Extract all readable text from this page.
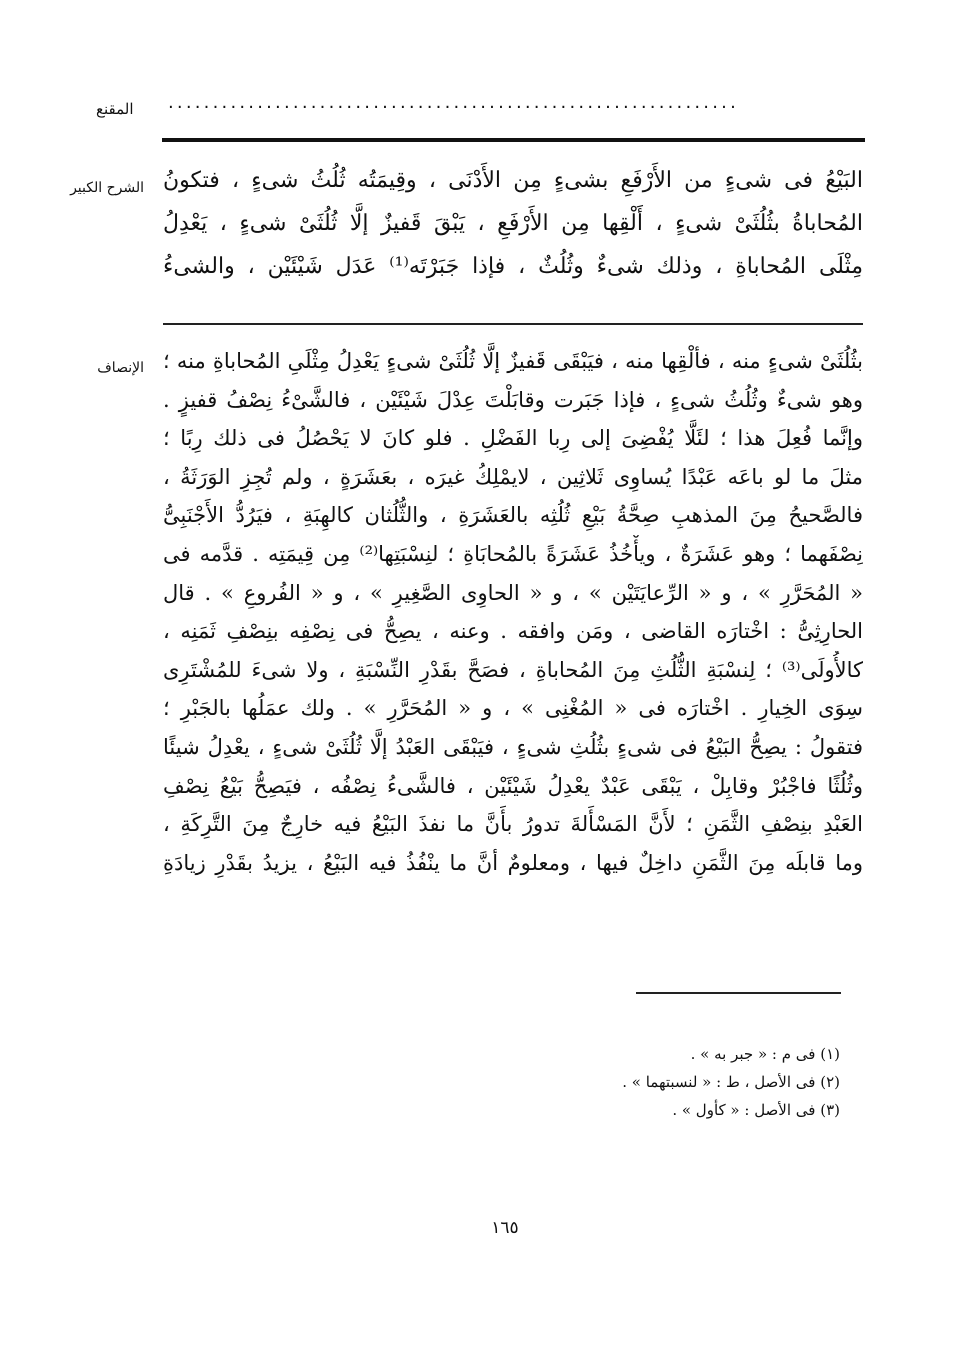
المقنع ................................................................
الشرح الكبير البَيْعُ فى شىءٍ من الأَرْفَعِ بشىءٍ مِن الأَدْنَى ، وقِيمَتُه ثُلُثُ شىءٍ ، فتكونُ
المُحاباةُ بثُلُثَىْ شىءٍ ، أَلْقِها مِن الأَرْفَعِ ، يَبْقَ قَفيزٌ إلَّا ثُلُثَىْ شىءٍ ، يَعْدِلُ
مِثْلَى المُحاباةِ ، وذلك شىءٌ وثُلُثٌ ، فإذا جَبَرْتَه⁽¹⁾ عَدَل شَيْئَيْن ، والشىءُ
الإنصاف بثُلُثَىْ شىءٍ منه ، فألْقِها منه ، فيَبْقَى قَفيزٌ إلَّا ثُلُثَىْ شىءٍ يَعْدِلُ مِثْلَىِ المُحاباةِ منه ؛
وهو شىءٌ وثُلُثُ شىءٍ ، فإذا جَبَرت وقابَلْتَ عِدْلَ شَيْئَيْن ، فالشَّىْءُ نِصْفُ قفيزٍ .
وإنَّما فُعِلَ هذا ؛ لئَلَّا يُفْضِىَ إلى رِبا الفَضْلِ . فلو كانَ لا يَحْصُلُ فى ذلك رِبًا ؛
مثلَ ما لو باعَه عَبْدًا يُساوِى ثَلاثِين ، لايمْلِكُ غيرَه ، بعَشَرَةٍ ، ولم تُجِزِ الوَرَثَةُ ،
فالصَّحيحُ مِنَ المذهبِ صِحَّةُ بَيْعِ ثُلُثِه بالعَشَرَةِ ، والثُّلُثان كالهِبَةِ ، فيَرُدُّ الأَجْنَبِىُّ
نِصْفَهما ؛ وهو عَشَرَةٌ ، ويأْخُذُ عَشَرَةً بالمُحابَاةِ ؛ لنِسْبَتِها⁽²⁾ مِن قِيمَتِه . قدَّمه فى
« المُحَرَّرِ » ، و « الرِّعايَتَيْن » ، و « الحاوِى الصَّغِيرِ » ، و « الفُروعِ » . قال
الحارِثِىُّ : اخْتارَه القاضى ، ومَن وافقه . وعنه ، يصِحُّ فى نِصْفِه بنِصْفِ ثَمَنِه ،
كالأُولَى⁽³⁾ ؛ لِنسْبَةِ الثُّلُثِ مِنَ المُحاباةِ ، فصَحَّ بقَدْرِ النِّسْبَةِ ، ولا شىءَ للمُشْتَرِى
سِوَى الخِيارِ . اخْتارَه فى « المُغْنِى » ، و « المُحَرَّرِ » . ولك عمَلُها بالجَبْرِ ؛
فتقولُ : يصِحُّ البَيْعُ فى شىءٍ بثُلُثِ شىءٍ ، فيَبْقَى العَبْدُ إلَّا ثُلُثَىْ شىءٍ ، يعْدِلُ شيئًا
وثُلُثًا فاجْبُرْ وقابِلْ ، يَبْقَى عَبْدٌ يعْدِلُ شَيْئَيْن ، فالشَّىءُ نِصْفُه ، فيَصِحُّ بَيْعُ نِصْفِ
العَبْدِ بنِصْفِ الثَّمَنِ ؛ لأَنَّ المَسْأَلةَ تدورُ بأَنَّ ما نفذَ البَيْعُ فيه خارِجٌ مِنَ التَّرِكَةِ ،
وما قابلَه مِنَ الثَّمَنِ داخِلٌ فيها ، ومعلومٌ أنَّ ما ينْفُذُ فيه البَيْعُ ، يزيدُ بقَدْرِ زيادَةِ
(١) فى م : « جبر به » .
(٢) فى الأصل ، ط : « لنسبتهما » .
(٣) فى الأصل : « كأول » .
١٦٥
